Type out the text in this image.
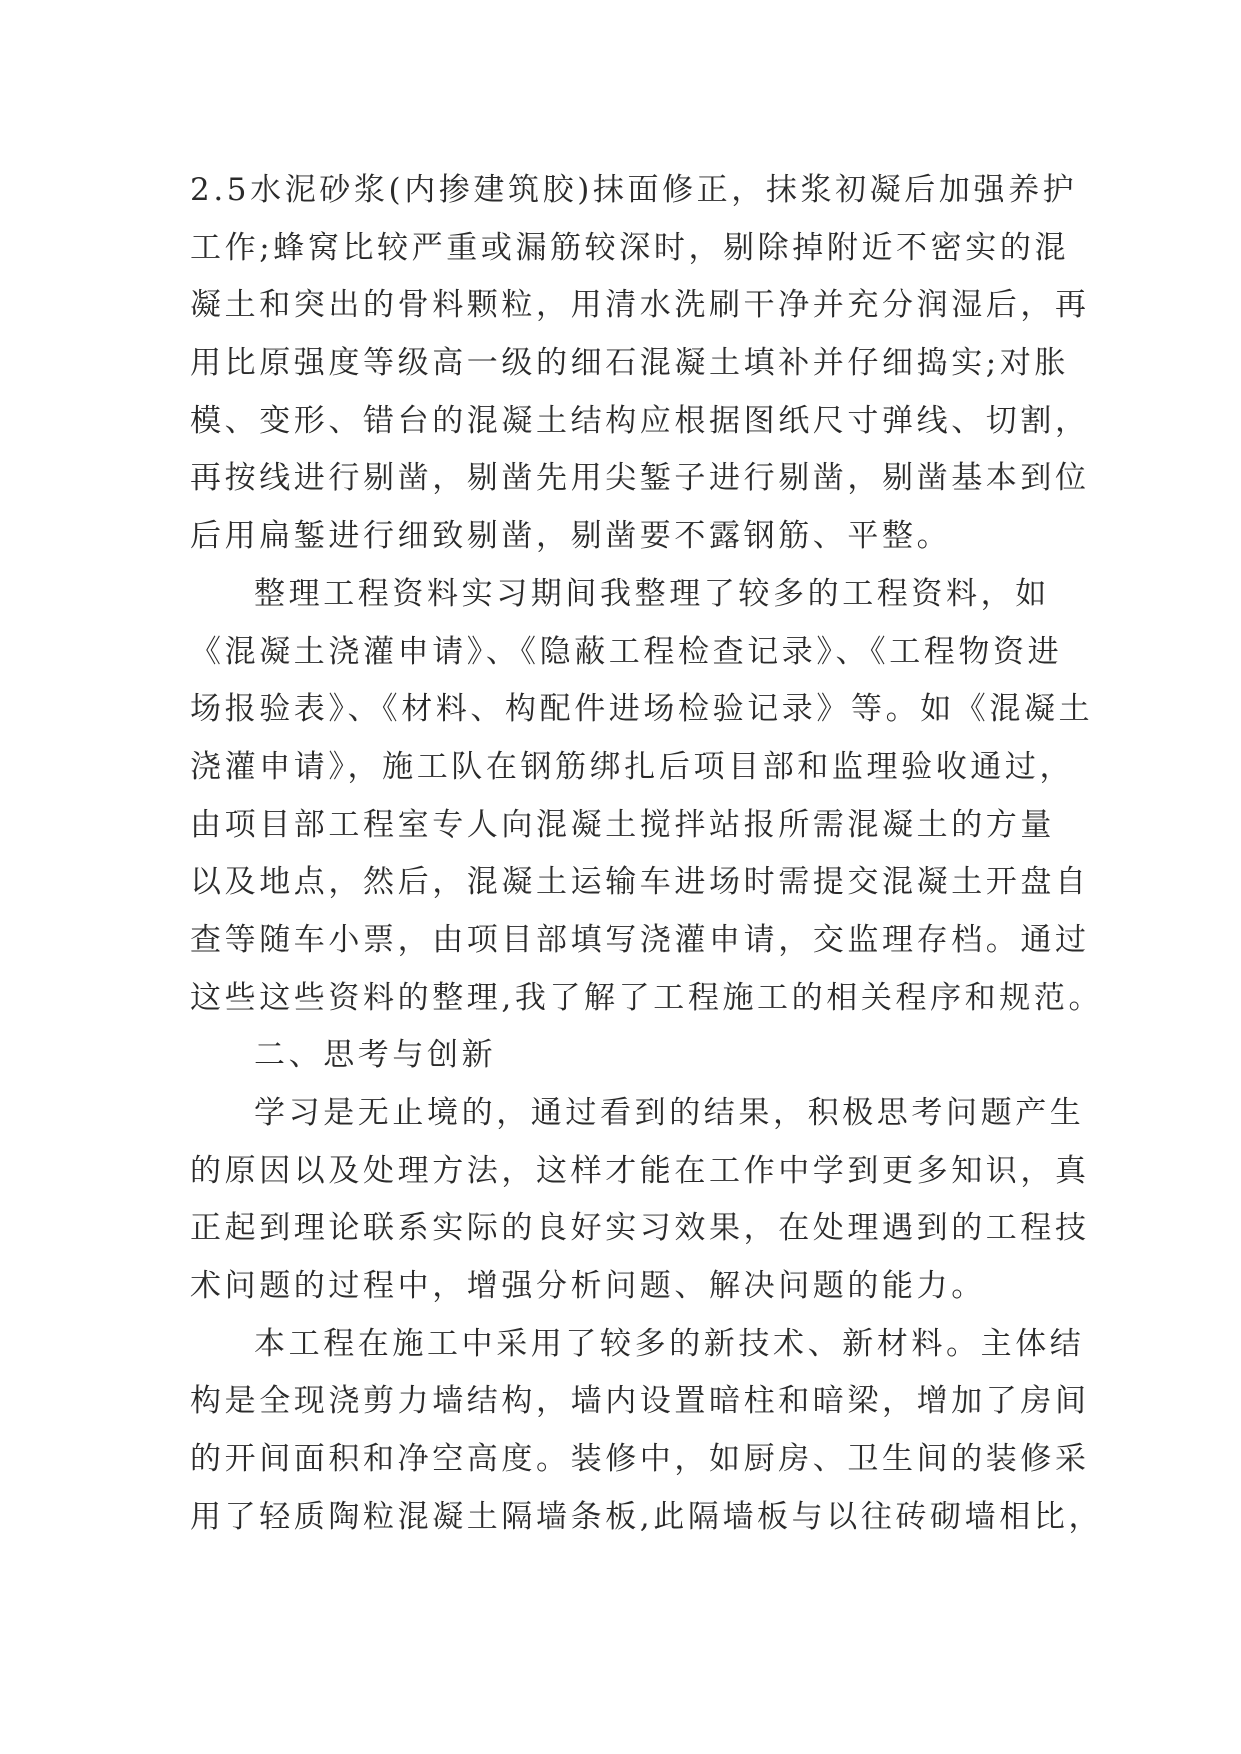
2.5水泥砂浆(内掺建筑胶)抹面修正，抹浆初凝后加强养护
工作;蜂窝比较严重或漏筋较深时，剔除掉附近不密实的混
凝土和突出的骨料颗粒，用清水洗刷干净并充分润湿后，再
用比原强度等级高一级的细石混凝土填补并仔细捣实;对胀
模、变形、错台的混凝土结构应根据图纸尺寸弹线、切割，
再按线进行剔凿，剔凿先用尖錾子进行剔凿，剔凿基本到位
后用扁錾进行细致剔凿，剔凿要不露钢筋、平整。
整理工程资料实习期间我整理了较多的工程资料，如
《混凝土浇灌申请》、《隐蔽工程检查记录》、《工程物资进
场报验表》、《材料、构配件进场检验记录》等。如《混凝土
浇灌申请》，施工队在钢筋绑扎后项目部和监理验收通过，
由项目部工程室专人向混凝土搅拌站报所需混凝土的方量
以及地点，然后，混凝土运输车进场时需提交混凝土开盘自
查等随车小票，由项目部填写浇灌申请，交监理存档。通过
这些这些资料的整理,我了解了工程施工的相关程序和规范。
二、思考与创新
学习是无止境的，通过看到的结果，积极思考问题产生
的原因以及处理方法，这样才能在工作中学到更多知识，真
正起到理论联系实际的良好实习效果，在处理遇到的工程技
术问题的过程中，增强分析问题、解决问题的能力。
本工程在施工中采用了较多的新技术、新材料。主体结
构是全现浇剪力墙结构，墙内设置暗柱和暗梁，增加了房间
的开间面积和净空高度。装修中，如厨房、卫生间的装修采
用了轻质陶粒混凝土隔墙条板,此隔墙板与以往砖砌墙相比，
